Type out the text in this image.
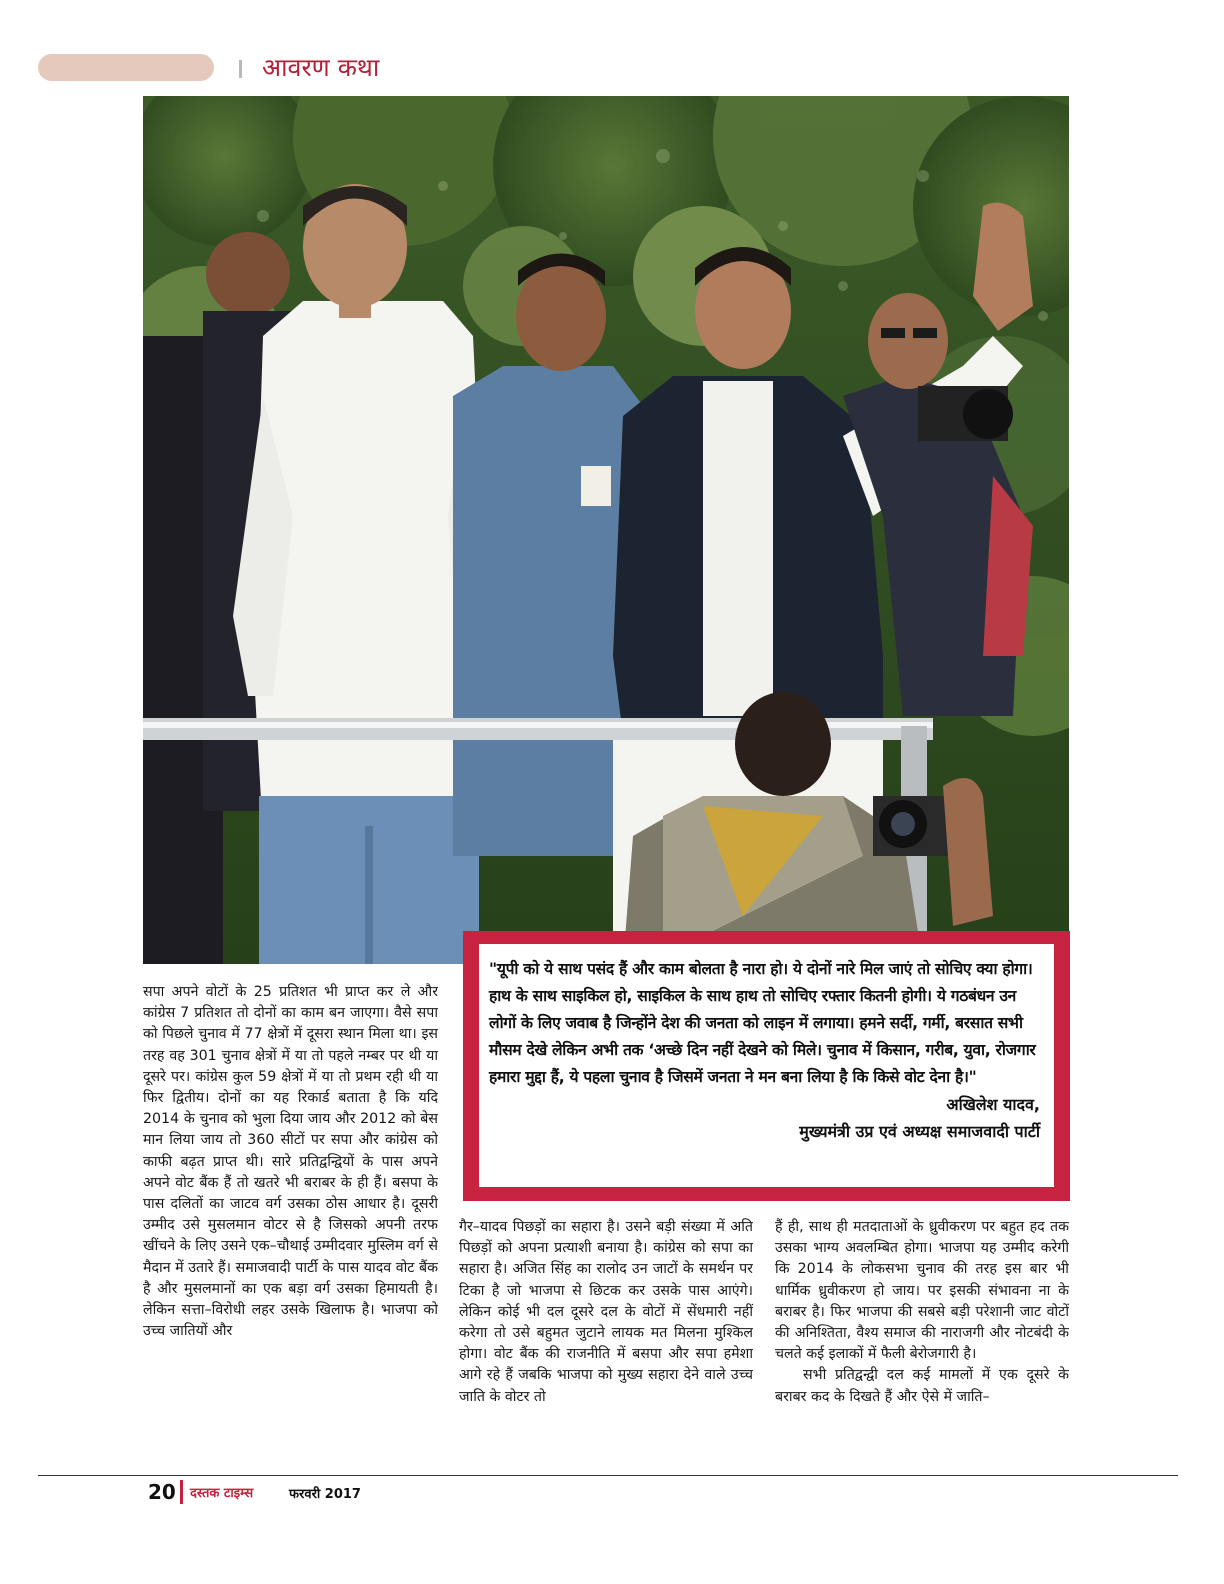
आवरण कथा

"यूपी को ये साथ पसंद हैं और काम बोलता है नारा हो। ये दोनों नारे मिल जाएं तो सोचिए क्या होगा। हाथ के साथ साइकिल हो, साइकिल के साथ हाथ तो सोचिए रफ्तार कितनी होगी। ये गठबंधन उन लोगों के लिए जवाब है जिन्होंने देश की जनता को लाइन में लगाया। हमने सर्दी, गर्मी, बरसात सभी मौसम देखे लेकिन अभी तक ‘अच्छे दिन नहीं देखने को मिले। चुनाव में किसान, गरीब, युवा, रोजगार हमारा मुद्दा हैं, ये पहला चुनाव है जिसमें जनता ने मन बना लिया है कि किसे वोट देना है।"

अखिलेश यादव,
मुख्यमंत्री उप्र एवं अध्यक्ष समाजवादी पार्टी

सपा अपने वोटों के 25 प्रतिशत भी प्राप्त कर ले और कांग्रेस 7 प्रतिशत तो दोनों का काम बन जाएगा। वैसे सपा को पिछले चुनाव में 77 क्षेत्रों में दूसरा स्थान मिला था। इस तरह वह 301 चुनाव क्षेत्रों में या तो पहले नम्बर पर थी या दूसरे पर। कांग्रेस कुल 59 क्षेत्रों में या तो प्रथम रही थी या फिर द्वितीय। दोनों का यह रिकार्ड बताता है कि यदि 2014 के चुनाव को भुला दिया जाय और 2012 को बेस मान लिया जाय तो 360 सीटों पर सपा और कांग्रेस को काफी बढ़त प्राप्त थी। सारे प्रतिद्वन्द्वियों के पास अपने अपने वोट बैंक हैं तो खतरे भी बराबर के ही हैं। बसपा के पास दलितों का जाटव वर्ग उसका ठोस आधार है। दूसरी उम्मीद उसे मुसलमान वोटर से है जिसको अपनी तरफ खींचने के लिए उसने एक–चौथाई उम्मीदवार मुस्लिम वर्ग से मैदान में उतारे हैं। समाजवादी पार्टी के पास यादव वोट बैंक है और मुसलमानों का एक बड़ा वर्ग उसका हिमायती है। लेकिन सत्ता–विरोधी लहर उसके खिलाफ है। भाजपा को उच्च जातियों और

गैर–यादव पिछड़ों का सहारा है। उसने बड़ी संख्या में अति पिछड़ों को अपना प्रत्याशी बनाया है। कांग्रेस को सपा का सहारा है। अजित सिंह का रालोद उन जाटों के समर्थन पर टिका है जो भाजपा से छिटक कर उसके पास आएंगे। लेकिन कोई भी दल दूसरे दल के वोटों में सेंधमारी नहीं करेगा तो उसे बहुमत जुटाने लायक मत मिलना मुश्किल होगा। वोट बैंक की राजनीति में बसपा और सपा हमेशा आगे रहे हैं जबकि भाजपा को मुख्य सहारा देने वाले उच्च जाति के वोटर तो

हैं ही, साथ ही मतदाताओं के ध्रुवीकरण पर बहुत हद तक उसका भाग्य अवलम्बित होगा। भाजपा यह उम्मीद करेगी कि 2014 के लोकसभा चुनाव की तरह इस बार भी धार्मिक ध्रुवीकरण हो जाय। पर इसकी संभावना ना के बराबर है। फिर भाजपा की सबसे बड़ी परेशानी जाट वोटों की अनिश्तिता, वैश्य समाज की नाराजगी और नोटबंदी के चलते कई इलाकों में फैली बेरोजगारी है।

सभी प्रतिद्वन्द्वी दल कई मामलों में एक दूसरे के बराबर कद के दिखते हैं और ऐसे में जाति–

20 दस्तक टाइम्स	फरवरी 2017
